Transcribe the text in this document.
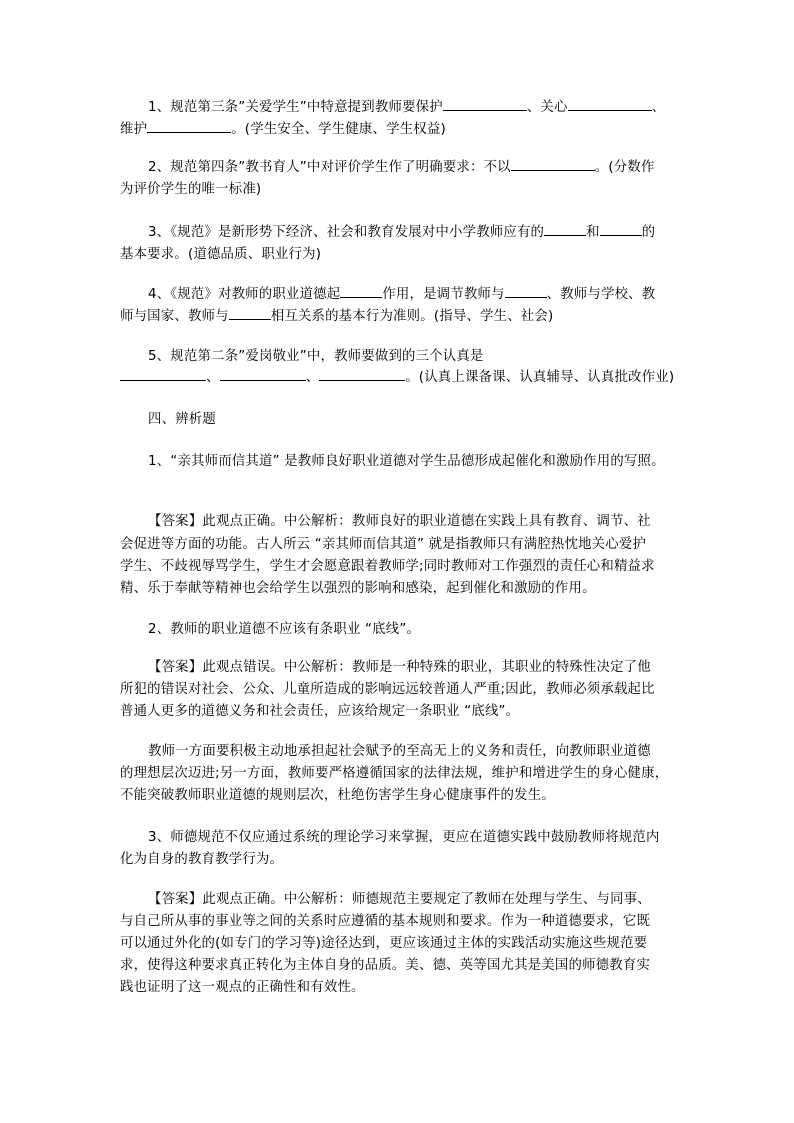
1、规范第三条”关爱学生”中特意提到教师要保护	、关心	、
维护	。(学生安全、学生健康、学生权益)
2、规范第四条”教书育人”中对评价学生作了明确要求：不以	。(分数作
为评价学生的唯一标准)
3、《规范》是新形势下经济、社会和教育发展对中小学教师应有的	和	的
基本要求。(道德品质、职业行为)
4、《规范》对教师的职业道德起	作用，是调节教师与	、教师与学校、教
师与国家、教师与	相互关系的基本行为准则。(指导、学生、社会)
5、规范第二条”爱岗敬业”中，教师要做到的三个认真是
、	、	。(认真上课备课、认真辅导、认真批改作业)
四、辨析题
1、“亲其师而信其道” 是教师良好职业道德对学生品德形成起催化和激励作用的写照。
【答案】此观点正确。中公解析：教师良好的职业道德在实践上具有教育、调节、社
会促进等方面的功能。古人所云 “亲其师而信其道” 就是指教师只有满腔热忱地关心爱护
学生、不歧视辱骂学生，学生才会愿意跟着教师学;同时教师对工作强烈的责任心和精益求
精、乐于奉献等精神也会给学生以强烈的影响和感染，起到催化和激励的作用。
2、教师的职业道德不应该有条职业 “底线”。
【答案】此观点错误。中公解析：教师是一种特殊的职业，其职业的特殊性决定了他
所犯的错误对社会、公众、儿童所造成的影响远远较普通人严重;因此，教师必须承载起比
普通人更多的道德义务和社会责任，应该给规定一条职业 “底线”。
教师一方面要积极主动地承担起社会赋予的至高无上的义务和责任，向教师职业道德
的理想层次迈进;另一方面，教师要严格遵循国家的法律法规，维护和增进学生的身心健康，
不能突破教师职业道德的规则层次，杜绝伤害学生身心健康事件的发生。
3、师德规范不仅应通过系统的理论学习来掌握，更应在道德实践中鼓励教师将规范内
化为自身的教育教学行为。
【答案】此观点正确。中公解析：师德规范主要规定了教师在处理与学生、与同事、
与自己所从事的事业等之间的关系时应遵循的基本规则和要求。作为一种道德要求，它既
可以通过外化的(如专门的学习等)途径达到，更应该通过主体的实践活动实施这些规范要
求，使得这种要求真正转化为主体自身的品质。美、德、英等国尤其是美国的师德教育实
践也证明了这一观点的正确性和有效性。
